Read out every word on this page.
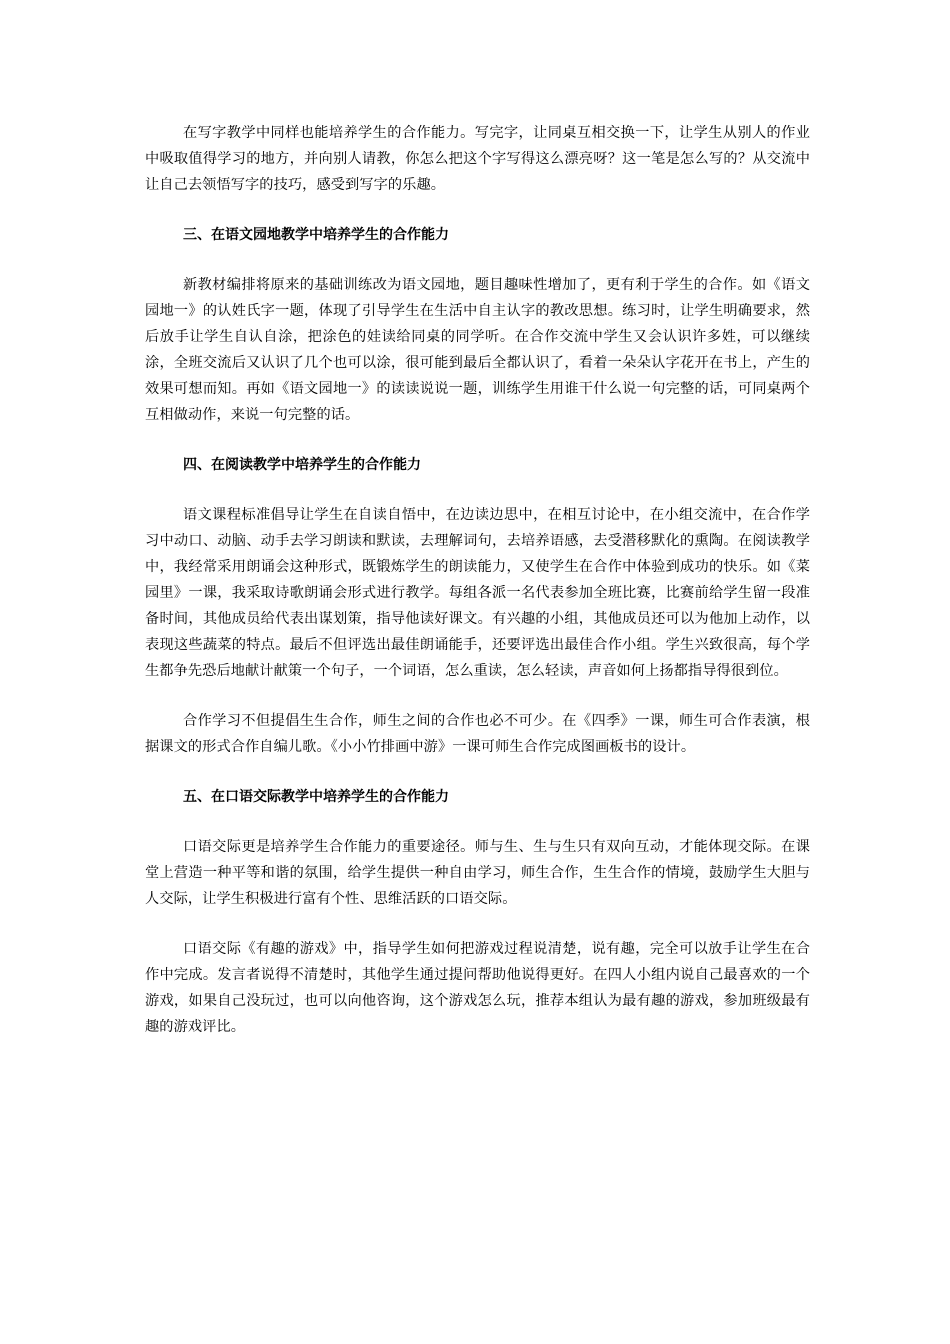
在写字教学中同样也能培养学生的合作能力。写完字，让同桌互相交换一下，让学生从别人的作业中吸取值得学习的地方，并向别人请教，你怎么把这个字写得这么漂亮呀？这一笔是怎么写的？从交流中让自己去领悟写字的技巧，感受到写字的乐趣。

三、在语文园地教学中培养学生的合作能力

新教材编排将原来的基础训练改为语文园地，题目趣味性增加了，更有利于学生的合作。如《语文园地一》的认姓氏字一题，体现了引导学生在生活中自主认字的教改思想。练习时，让学生明确要求，然后放手让学生自认自涂，把涂色的娃读给同桌的同学听。在合作交流中学生又会认识许多姓，可以继续涂，全班交流后又认识了几个也可以涂，很可能到最后全都认识了，看着一朵朵认字花开在书上，产生的效果可想而知。再如《语文园地一》的读读说说一题，训练学生用谁干什么说一句完整的话，可同桌两个互相做动作，来说一句完整的话。

四、在阅读教学中培养学生的合作能力

语文课程标准倡导让学生在自读自悟中，在边读边思中，在相互讨论中，在小组交流中，在合作学习中动口、动脑、动手去学习朗读和默读，去理解词句，去培养语感，去受潜移默化的熏陶。在阅读教学中，我经常采用朗诵会这种形式，既锻炼学生的朗读能力，又使学生在合作中体验到成功的快乐。如《菜园里》一课，我采取诗歌朗诵会形式进行教学。每组各派一名代表参加全班比赛，比赛前给学生留一段准备时间，其他成员给代表出谋划策，指导他读好课文。有兴趣的小组，其他成员还可以为他加上动作，以表现这些蔬菜的特点。最后不但评选出最佳朗诵能手，还要评选出最佳合作小组。学生兴致很高，每个学生都争先恐后地献计献策一个句子，一个词语，怎么重读，怎么轻读，声音如何上扬都指导得很到位。

合作学习不但提倡生生合作，师生之间的合作也必不可少。在《四季》一课，师生可合作表演，根据课文的形式合作自编儿歌。《小小竹排画中游》一课可师生合作完成图画板书的设计。

五、在口语交际教学中培养学生的合作能力

口语交际更是培养学生合作能力的重要途径。师与生、生与生只有双向互动，才能体现交际。在课堂上营造一种平等和谐的氛围，给学生提供一种自由学习，师生合作，生生合作的情境，鼓励学生大胆与人交际，让学生积极进行富有个性、思维活跃的口语交际。

口语交际《有趣的游戏》中，指导学生如何把游戏过程说清楚，说有趣，完全可以放手让学生在合作中完成。发言者说得不清楚时，其他学生通过提问帮助他说得更好。在四人小组内说自己最喜欢的一个游戏，如果自己没玩过，也可以向他咨询，这个游戏怎么玩，推荐本组认为最有趣的游戏，参加班级最有趣的游戏评比。
